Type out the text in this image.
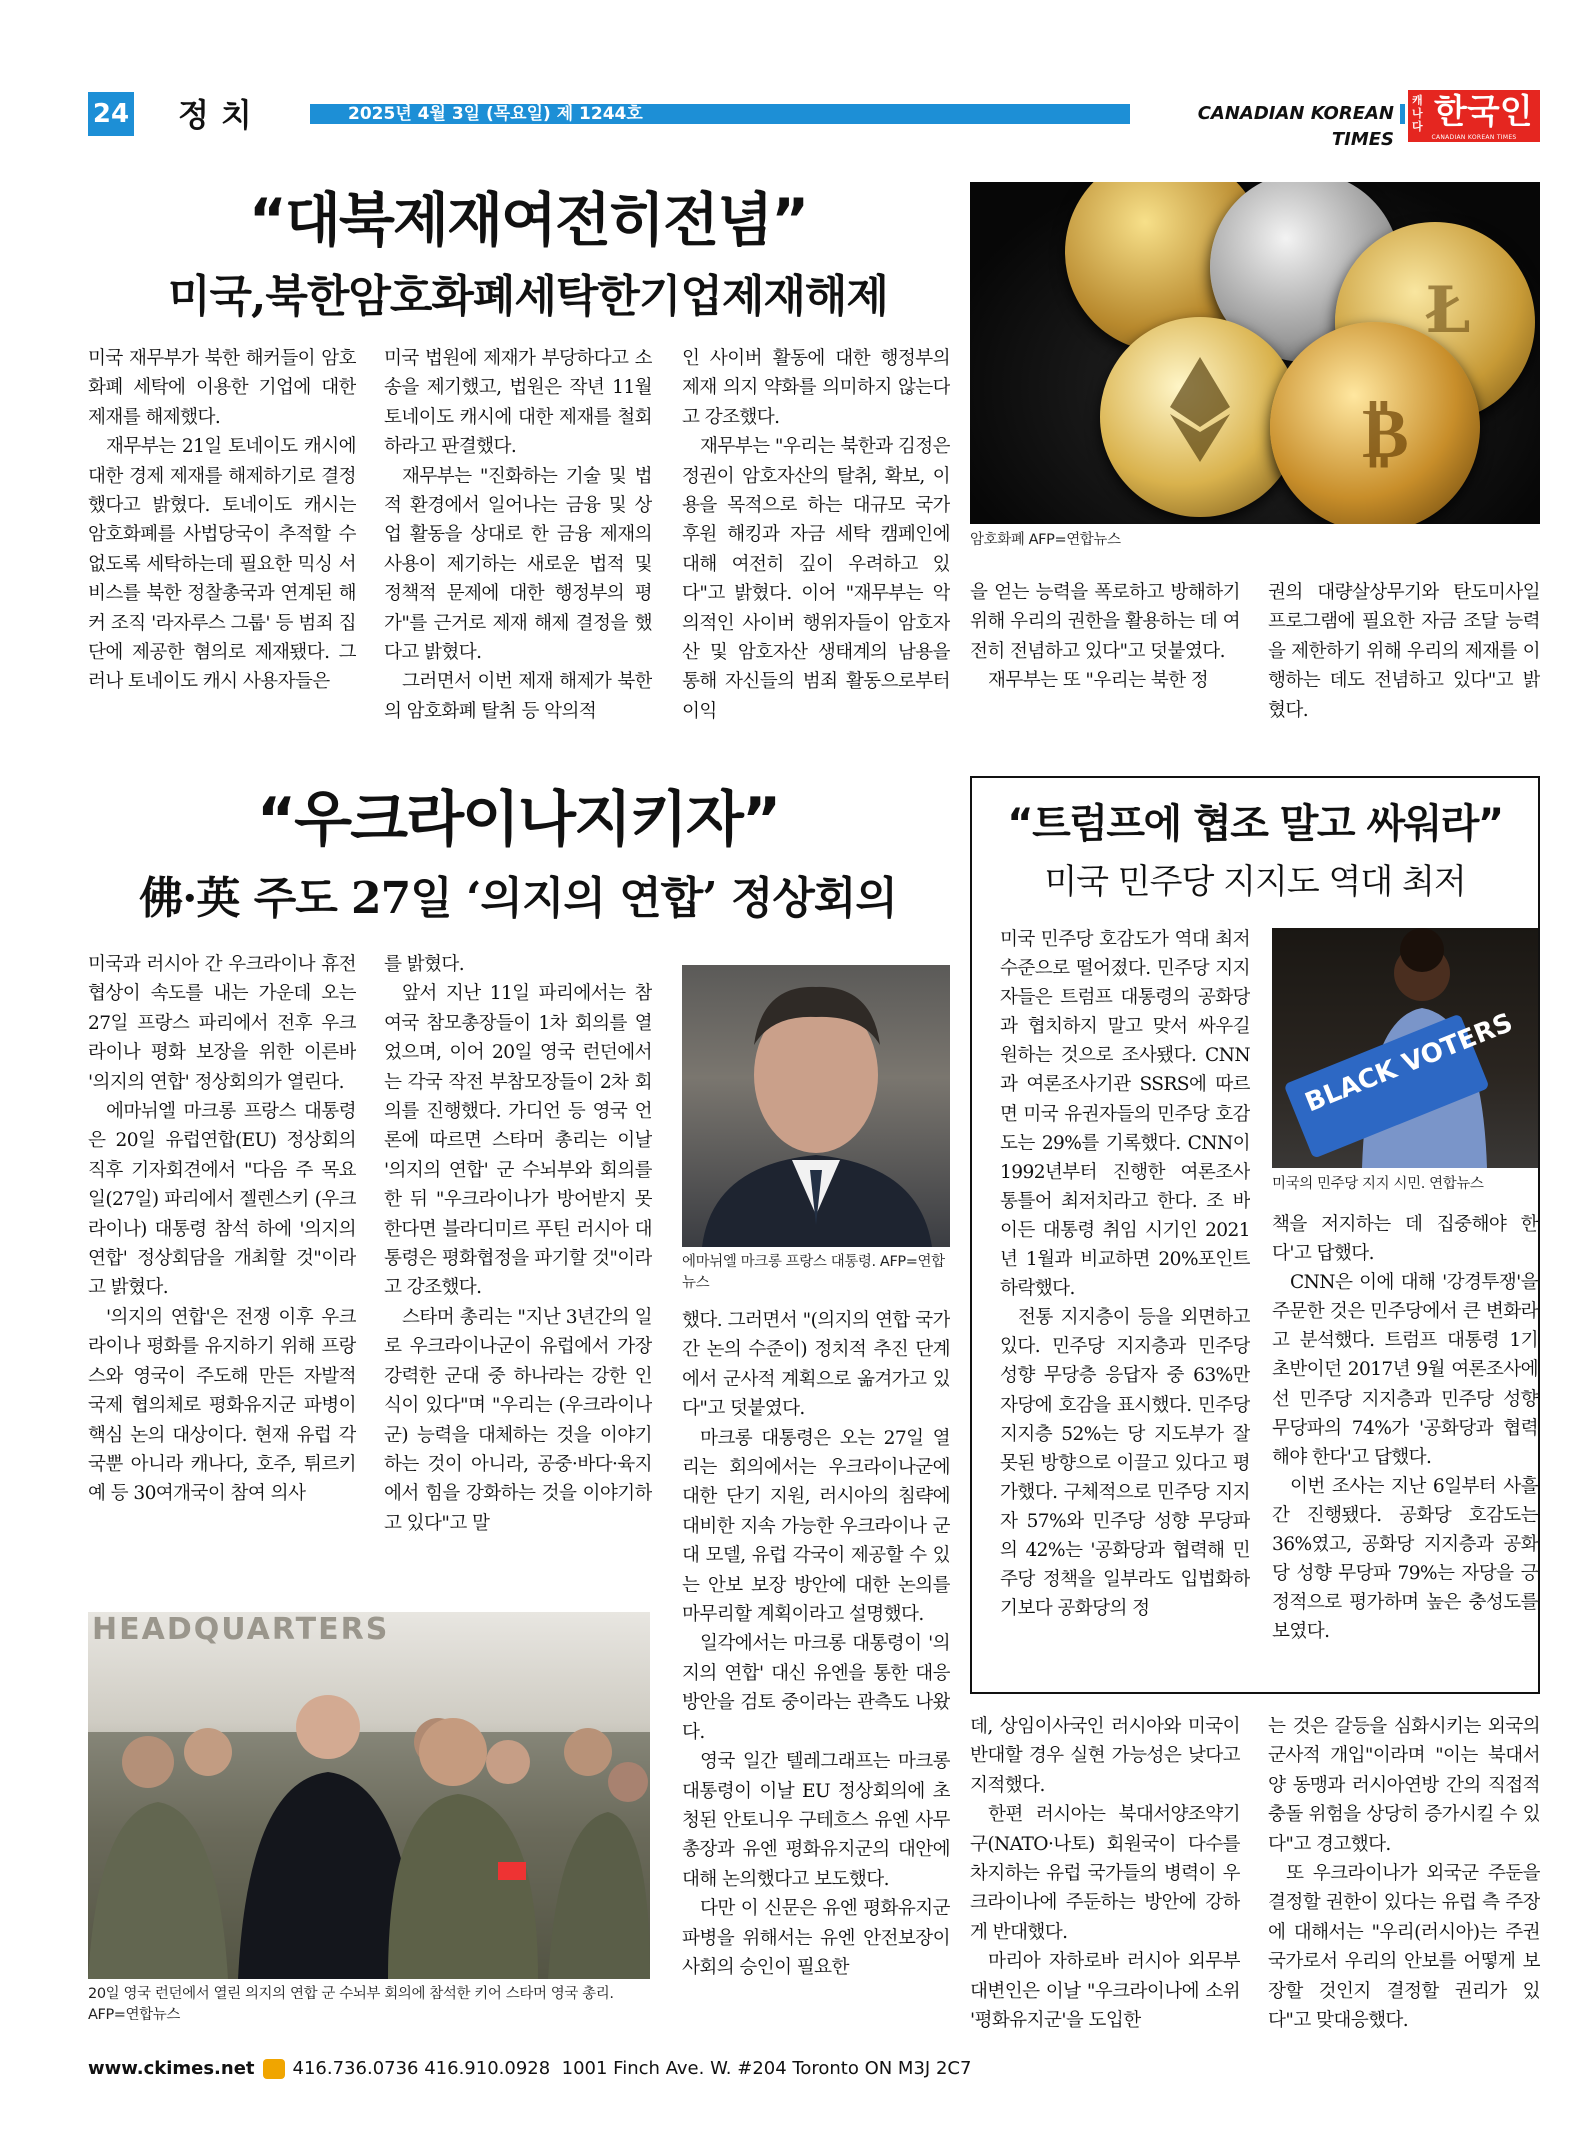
24 정치	2025년 4월 3일 (목요일) 제 1244호	CANADIAN KOREAN TIMES
캐나다 한국인
CANADIAN KOREAN TIMES
“대북제재여전히전념”
미국,북한암호화폐세탁한기업제재해제

미국 재무부가 북한 해커들이 암호화폐 세탁에 이용한 기업에 대한 제재를 해제했다.

재무부는 21일 토네이도 캐시에 대한 경제 제재를 해제하기로 결정했다고 밝혔다. 토네이도 캐시는 암호화폐를 사법당국이 추적할 수 없도록 세탁하는데 필요한 믹싱 서비스를 북한 정찰총국과 연계된 해커 조직 '라자루스 그룹' 등 범죄 집단에 제공한 혐의로 제재됐다. 그러나 토네이도 캐시 사용자들은

미국 법원에 제재가 부당하다고 소송을 제기했고, 법원은 작년 11월 토네이도 캐시에 대한 제재를 철회하라고 판결했다.

재무부는 "진화하는 기술 및 법적 환경에서 일어나는 금융 및 상업 활동을 상대로 한 금융 제재의 사용이 제기하는 새로운 법적 및 정책적 문제에 대한 행정부의 평가"를 근거로 제재 해제 결정을 했다고 밝혔다.

그러면서 이번 제재 해제가 북한의 암호화폐 탈취 등 악의적

인 사이버 활동에 대한 행정부의 제재 의지 약화를 의미하지 않는다고 강조했다.

재무부는 "우리는 북한과 김정은 정권이 암호자산의 탈취, 확보, 이용을 목적으로 하는 대규모 국가 후원 해킹과 자금 세탁 캠페인에 대해 여전히 깊이 우려하고 있다"고 밝혔다. 이어 "재무부는 악의적인 사이버 행위자들이 암호자산 및 암호자산 생태계의 남용을 통해 자신들의 범죄 활동으로부터 이익

을 얻는 능력을 폭로하고 방해하기 위해 우리의 권한을 활용하는 데 여전히 전념하고 있다"고 덧붙였다.

재무부는 또 "우리는 북한 정

권의 대량살상무기와 탄도미사일 프로그램에 필요한 자금 조달 능력을 제한하기 위해 우리의 제재를 이행하는 데도 전념하고 있다"고 밝혔다.

₿
Ł
암호화폐 AFP=연합뉴스
“우크라이나지키자”
佛·英 주도 27일 ‘의지의 연합’ 정상회의

미국과 러시아 간 우크라이나 휴전 협상이 속도를 내는 가운데 오는 27일 프랑스 파리에서 전후 우크라이나 평화 보장을 위한 이른바 '의지의 연합' 정상회의가 열린다.

에마뉘엘 마크롱 프랑스 대통령은 20일 유럽연합(EU) 정상회의 직후 기자회견에서 "다음 주 목요일(27일) 파리에서 젤렌스키 (우크라이나) 대통령 참석 하에 '의지의 연합' 정상회담을 개최할 것"이라고 밝혔다.

'의지의 연합'은 전쟁 이후 우크라이나 평화를 유지하기 위해 프랑스와 영국이 주도해 만든 자발적 국제 협의체로 평화유지군 파병이 핵심 논의 대상이다. 현재 유럽 각국뿐 아니라 캐나다, 호주, 튀르키예 등 30여개국이 참여 의사

를 밝혔다.

앞서 지난 11일 파리에서는 참여국 참모총장들이 1차 회의를 열었으며, 이어 20일 영국 런던에서는 각국 작전 부참모장들이 2차 회의를 진행했다. 가디언 등 영국 언론에 따르면 스타머 총리는 이날 '의지의 연합' 군 수뇌부와 회의를 한 뒤 "우크라이나가 방어받지 못한다면 블라디미르 푸틴 러시아 대통령은 평화협정을 파기할 것"이라고 강조했다.

스타머 총리는 "지난 3년간의 일로 우크라이나군이 유럽에서 가장 강력한 군대 중 하나라는 강한 인식이 있다"며 "우리는 (우크라이나군) 능력을 대체하는 것을 이야기하는 것이 아니라, 공중·바다·육지에서 힘을 강화하는 것을 이야기하고 있다"고 말

했다. 그러면서 "(의지의 연합 국가 간 논의 수준이) 정치적 추진 단계에서 군사적 계획으로 옮겨가고 있다"고 덧붙였다.

마크롱 대통령은 오는 27일 열리는 회의에서는 우크라이나군에 대한 단기 지원, 러시아의 침략에 대비한 지속 가능한 우크라이나 군대 모델, 유럽 각국이 제공할 수 있는 안보 보장 방안에 대한 논의를 마무리할 계획이라고 설명했다.

일각에서는 마크롱 대통령이 '의지의 연합' 대신 유엔을 통한 대응 방안을 검토 중이라는 관측도 나왔다.

영국 일간 텔레그래프는 마크롱 대통령이 이날 EU 정상회의에 초청된 안토니우 구테흐스 유엔 사무총장과 유엔 평화유지군의 대안에 대해 논의했다고 보도했다.

다만 이 신문은 유엔 평화유지군 파병을 위해서는 유엔 안전보장이사회의 승인이 필요한

데, 상임이사국인 러시아와 미국이 반대할 경우 실현 가능성은 낮다고 지적했다.

한편 러시아는 북대서양조약기구(NATO·나토) 회원국이 다수를 차지하는 유럽 국가들의 병력이 우크라이나에 주둔하는 방안에 강하게 반대했다.

마리아 자하로바 러시아 외무부 대변인은 이날 "우크라이나에 소위 '평화유지군'을 도입한

는 것은 갈등을 심화시키는 외국의 군사적 개입"이라며 "이는 북대서양 동맹과 러시아연방 간의 직접적 충돌 위험을 상당히 증가시킬 수 있다"고 경고했다.

또 우크라이나가 외국군 주둔을 결정할 권한이 있다는 유럽 측 주장에 대해서는 "우리(러시아)는 주권국가로서 우리의 안보를 어떻게 보장할 것인지 결정할 권리가 있다"고 맞대응했다.

에마뉘엘 마크롱 프랑스 대통령. AFP=연합뉴스
HEADQUARTERS
20일 영국 런던에서 열린 의지의 연합 군 수뇌부 회의에 참석한 키어 스타머 영국 총리. AFP=연합뉴스
“트럼프에 협조 말고 싸워라”
미국 민주당 지지도 역대 최저

미국 민주당 호감도가 역대 최저 수준으로 떨어졌다. 민주당 지지자들은 트럼프 대통령의 공화당과 협치하지 말고 맞서 싸우길 원하는 것으로 조사됐다. CNN과 여론조사기관 SSRS에 따르면 미국 유권자들의 민주당 호감도는 29%를 기록했다. CNN이 1992년부터 진행한 여론조사 통틀어 최저치라고 한다. 조 바이든 대통령 취임 시기인 2021년 1월과 비교하면 20%포인트 하락했다.

전통 지지층이 등을 외면하고 있다. 민주당 지지층과 민주당 성향 무당층 응답자 중 63%만 자당에 호감을 표시했다. 민주당 지지층 52%는 당 지도부가 잘못된 방향으로 이끌고 있다고 평가했다. 구체적으로 민주당 지지자 57%와 민주당 성향 무당파의 42%는 '공화당과 협력해 민주당 정책을 일부라도 입법화하기보다 공화당의 정

책을 저지하는 데 집중해야 한다'고 답했다.

CNN은 이에 대해 '강경투쟁'을 주문한 것은 민주당에서 큰 변화라고 분석했다. 트럼프 대통령 1기 초반이던 2017년 9월 여론조사에선 민주당 지지층과 민주당 성향 무당파의 74%가 '공화당과 협력해야 한다'고 답했다.

이번 조사는 지난 6일부터 사흘간 진행됐다. 공화당 호감도는 36%였고, 공화당 지지층과 공화당 성향 무당파 79%는 자당을 긍정적으로 평가하며 높은 충성도를 보였다.

BLACK VOTERS
미국의 민주당 지지 시민. 연합뉴스
www.ckimes.net 416.736.0736 416.910.0928 1001 Finch Ave. W. #204 Toronto ON M3J 2C7
